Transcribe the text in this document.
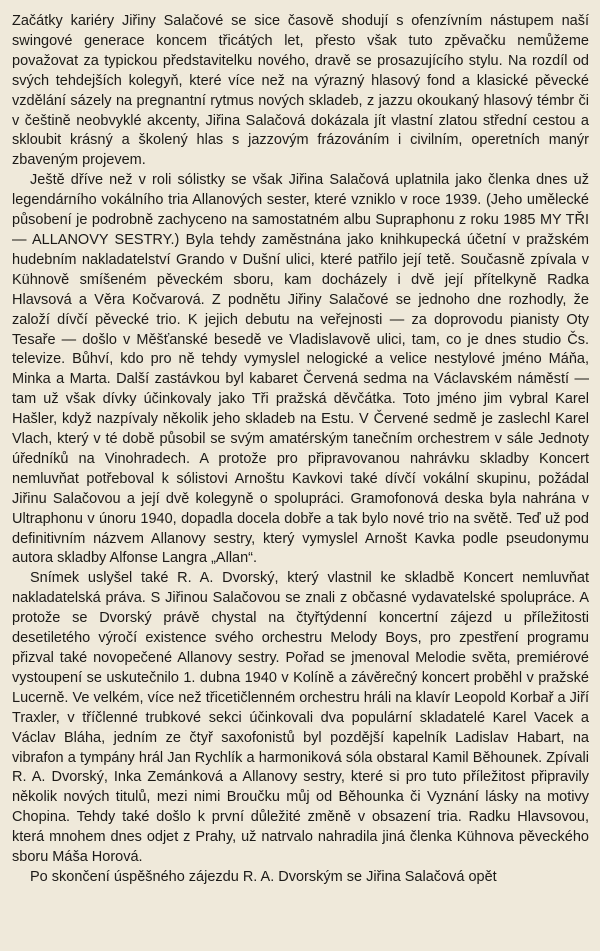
Začátky kariéry Jiřiny Salačové se sice časově shodují s ofenzívním nástupem naší swingové generace koncem třicátých let, přesto však tuto zpěvačku nemůžeme považovat za typickou představitelku nového, dravě se prosazujícího stylu. Na rozdíl od svých tehdejších kolegyň, které více než na výrazný hlasový fond a klasické pěvecké vzdělání sázely na pregnantní rytmus nových skladeb, z jazzu okoukaný hlasový témbr či v češtině neobvyklé akcenty, Jiřina Salačová dokázala jít vlastní zlatou střední cestou a skloubit krásný a školený hlas s jazzovým frázováním i civilním, operetních manýr zbaveným projevem.

Ještě dříve než v roli sólistky se však Jiřina Salačová uplatnila jako členka dnes už legendárního vokálního tria Allanových sester, které vzniklo v roce 1939. (Jeho umělecké působení je podrobně zachyceno na samostatném albu Supraphonu z roku 1985 MY TŘI — ALLANOVY SESTRY.) Byla tehdy zaměstnána jako knihkupecká účetní v pražském hudebním nakladatelství Grando v Dušní ulici, které patřilo její tetě. Současně zpívala v Kühnově smíšeném pěveckém sboru, kam docházely i dvě její přítelkyně Radka Hlavsová a Věra Kočvarová. Z podnětu Jiřiny Salačové se jednoho dne rozhodly, že založí dívčí pěvecké trio. K jejich debutu na veřejnosti — za doprovodu pianisty Oty Tesaře — došlo v Měšťanské besedě ve Vladislavově ulici, tam, co je dnes studio Čs. televize. Bůhví, kdo pro ně tehdy vymyslel nelogické a velice nestylové jméno Máňa, Minka a Marta. Další zastávkou byl kabaret Červená sedma na Václavském náměstí — tam už však dívky účinkovaly jako Tři pražská děvčátka. Toto jméno jim vybral Karel Hašler, když nazpívaly několik jeho skladeb na Estu. V Červené sedmě je zaslechl Karel Vlach, který v té době působil se svým amatérským tanečním orchestrem v sále Jednoty úředníků na Vinohradech. A protože pro připravovanou nahrávku skladby Koncert nemluvňat potřeboval k sólistovi Arnoštu Kavkovi také dívčí vokální skupinu, požádal Jiřinu Salačovou a její dvě kolegyně o spolupráci. Gramofonová deska byla nahrána v Ultraphonu v únoru 1940, dopadla docela dobře a tak bylo nové trio na světě. Teď už pod definitivním názvem Allanovy sestry, který vymyslel Arnošt Kavka podle pseudonymu autora skladby Alfonse Langra „Allan“.

Snímek uslyšel také R. A. Dvorský, který vlastnil ke skladbě Koncert nemluvňat nakladatelská práva. S Jiřinou Salačovou se znali z občasné vydavatelské spolupráce. A protože se Dvorský právě chystal na čtyřtýdenní koncertní zájezd u příležitosti desetiletého výročí existence svého orchestru Melody Boys, pro zpestření programu přizval také novopečené Allanovy sestry. Pořad se jmenoval Melodie světa, premiérové vystoupení se uskutečnilo 1. dubna 1940 v Kolíně a závěrečný koncert proběhl v pražské Lucerně. Ve velkém, více než třicetičlenném orchestru hráli na klavír Leopold Korbař a Jiří Traxler, v tříčlenné trubkové sekci účinkovali dva populární skladatelé Karel Vacek a Václav Bláha, jedním ze čtyř saxofonistů byl pozdější kapelník Ladislav Habart, na vibrafon a tympány hrál Jan Rychlík a harmoniková sóla obstaral Kamil Běhounek. Zpívali R. A. Dvorský, Inka Zemánková a Allanovy sestry, které si pro tuto příležitost připravily několik nových titulů, mezi nimi Broučku můj od Běhounka či Vyznání lásky na motivy Chopina. Tehdy také došlo k první důležité změně v obsazení tria. Radku Hlavsovou, která mnohem dnes odjet z Prahy, už natrvalo nahradila jiná členka Kühnova pěveckého sboru Máša Horová.

Po skončení úspěšného zájezdu R. A. Dvorským se Jiřina Salačová opět
